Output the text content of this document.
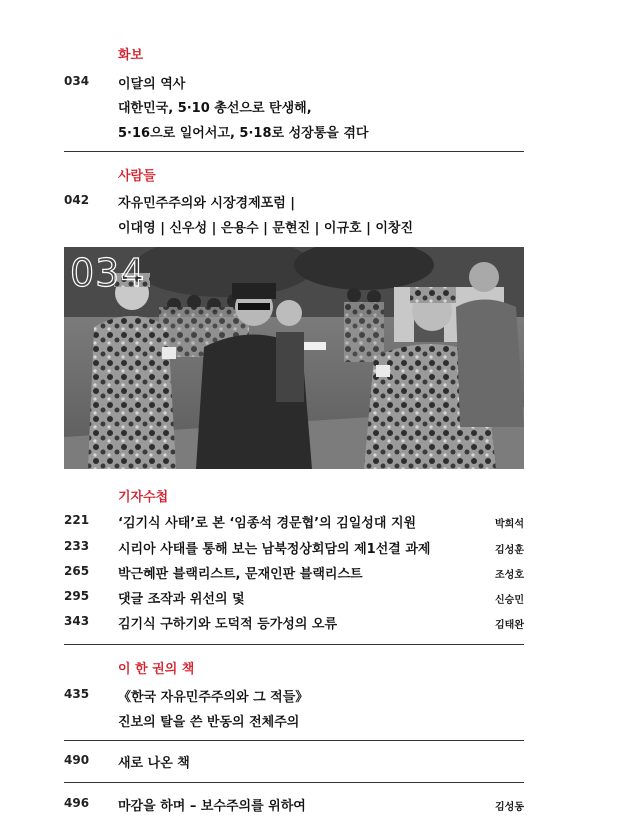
화보
034 이달의 역사
대한민국, 5·10 총선으로 탄생해,
5·16으로 일어서고, 5·18로 성장통을 겪다
사람들
042 자유민주주의와 시장경제포럼 |
이대영 | 신우성 | 은용수 | 문현진 | 이규호 | 이창진
034
기자수첩
221 ‘김기식 사태’로 본 ‘임종석 경문협’의 김일성대 지원	박희석
233 시리아 사태를 통해 보는 남북정상회담의 제1선결 과제	김성훈
265 박근혜판 블랙리스트, 문재인판 블랙리스트	조성호
295 댓글 조작과 위선의 덫	신승민
343 김기식 구하기와 도덕적 등가성의 오류	김태완
이 한 권의 책
435 《한국 자유민주주의와 그 적들》
진보의 탈을 쓴 반동의 전체주의
490 새로 나온 책
496 마감을 하며 – 보수주의를 위하여	김성동
